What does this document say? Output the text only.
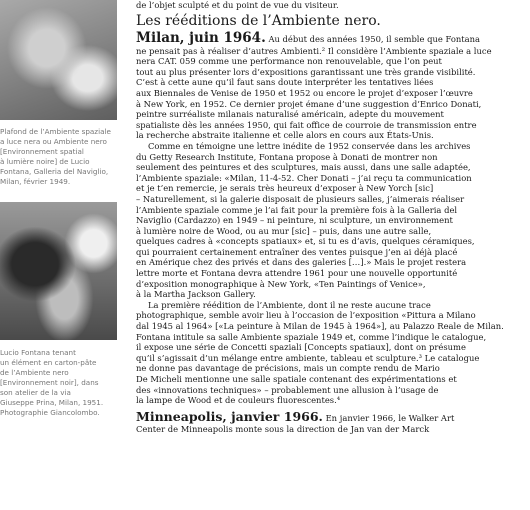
Plafond de l’Ambiente spaziale
a luce nera ou Ambiente nero
[Environnement spatial
à lumière noire] de Lucio
Fontana, Galleria del Naviglio,
Milan, février 1949.
Lucio Fontana tenant
un élément en carton-pâte
de l’Ambiente nero
[Environnement noir], dans
son atelier de la via
Giuseppe Prina, Milan, 1951.
Photographie Giancolombo.
de l’objet sculpté et du point de vue du visiteur.
Les rééditions de l’Ambiente nero.
Milan, juin 1964. Au début des années 1950, il semble que Fontana
ne pensait pas à réaliser d’autres Ambienti.² Il considère l’Ambiente spaziale a luce
nera CAT. 059 comme une performance non renouvelable, que l’on peut
tout au plus présenter lors d’expositions garantissant une très grande visibilité.
C’est à cette aune qu’il faut sans doute interpréter les tentatives liées
aux Biennales de Venise de 1950 et 1952 ou encore le projet d’exposer l’œuvre
à New York, en 1952. Ce dernier projet émane d’une suggestion d’Enrico Donati,
peintre surréaliste milanais naturalisé américain, adepte du mouvement
spatialiste dès les années 1950, qui fait office de courroie de transmission entre
la recherche abstraite italienne et celle alors en cours aux États-Unis.
Comme en témoigne une lettre inédite de 1952 conservée dans les archives
du Getty Research Institute, Fontana propose à Donati de montrer non
seulement des peintures et des sculptures, mais aussi, dans une salle adaptée,
l’Ambiente spaziale: «Milan, 11-4-52. Cher Donati – j’ai reçu ta communication
et je t’en remercie, je serais très heureux d’exposer à New Yorch [sic]
– Naturellement, si la galerie disposait de plusieurs salles, j’aimerais réaliser
l’Ambiente spaziale comme je l’ai fait pour la première fois à la Galleria del
Naviglio (Cardazzo) en 1949 – ni peinture, ni sculpture, un environnement
à lumière noire de Wood, ou au mur [sic] – puis, dans une autre salle,
quelques cadres à «concepts spatiaux» et, si tu es d’avis, quelques céramiques,
qui pourraient certainement entraîner des ventes puisque j’en ai déjà placé
en Amérique chez des privés et dans des galeries […].» Mais le projet restera
lettre morte et Fontana devra attendre 1961 pour une nouvelle opportunité
d’exposition monographique à New York, «Ten Paintings of Venice»,
à la Martha Jackson Gallery.
La première réédition de l’Ambiente, dont il ne reste aucune trace
photographique, semble avoir lieu à l’occasion de l’exposition «Pittura a Milano
dal 1945 al 1964» [«La peinture à Milan de 1945 à 1964»], au Palazzo Reale de Milan.
Fontana intitule sa salle Ambiente spaziale 1949 et, comme l’indique le catalogue,
il expose une série de Concetti spaziali [Concepts spatiaux], dont on présume
qu’il s’agissait d’un mélange entre ambiente, tableau et sculpture.³ Le catalogue
ne donne pas davantage de précisions, mais un compte rendu de Mario
De Micheli mentionne une salle spatiale contenant des expérimentations et
des «innovations techniques» – probablement une allusion à l’usage de
la lampe de Wood et de couleurs fluorescentes.⁴
Minneapolis, janvier 1966. En janvier 1966, le Walker Art
Center de Minneapolis monte sous la direction de Jan van der Marck
